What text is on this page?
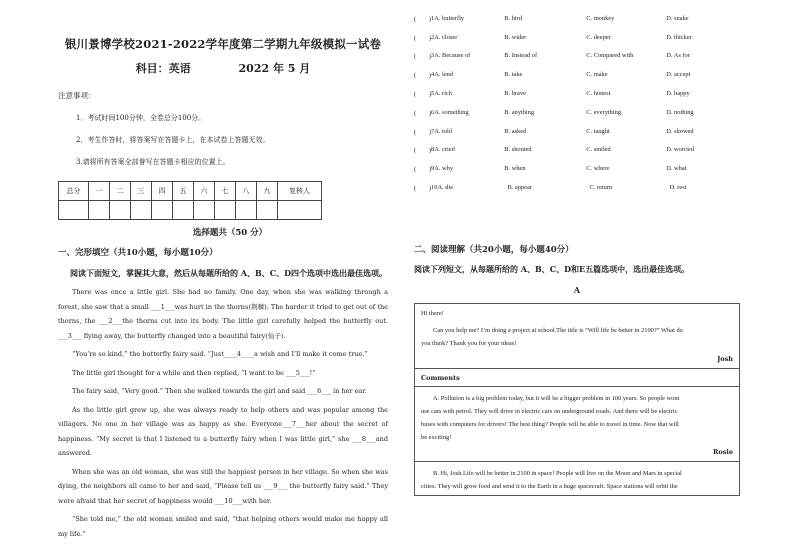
银川景博学校2021-2022学年度第二学期九年级模拟一试卷
科目：英语	2022 年 5 月
注意事项：
1．考试时间100分钟，全卷总分100分。
2．考生作答时，将答案写在答题卡上，在本试卷上答题无效。
3.请将所有答案全部誊写在答题卡相应的位置上。
总分	一	二	三	四	五	六	七	八	九	复核人

选择题共（50 分）
一、完形填空（共10小题，每小题10分）
阅读下面短文，掌握其大意，然后从每题所给的 A、B、C、D四个选项中选出最佳选项。
There was once a little girl. She had no family. One day, when she was walking through a forest, she saw that a small ___1___was hurt in the thorns(荆棘). The harder it tried to get out of the thorns, the ___2___the thorns cut into its body. The little girl carefully helped the butterfly out. ___3___ flying away, the butterfly changed into a beautiful fairy(仙子).
“You’re so kind,” the butterfly fairy said. “Just____4____a wish and I’ll make it come true.”
The little girl thought for a while and then replied, “I want to be ___5___!”
The fairy said, “Very good.” Then she walked towards the girl and said ___6___ in her ear.
As the little girl grew up, she was always ready to help others and was popular among the villagers. No one in her village was as happy as she. Everyone___7___her about the secret of happiness. “My secret is that I listened to a butterfly fairy when I was little girl,” she ___8___and answered.
When she was an old woman, she was still the happiest person in her village. So when she was dying, the neighbors all came to her and said, “Please tell us ___9___ the butterfly fairy said.” They were afraid that her secret of happiness would ___10___with her.
“She told me,” the old woman smiled and said, “that helping others would make me happy all my life.”
(　　) 1 A. butterfly	B. bird	C. monkey	D. snake
(　　) 2 A. closer	B. wider	C. deeper	D. thicker
(　　) 3 A. Because of	B. Instead of	C. Compared with	D. As for
(　　) 4 A. lend	B. take	C. make	D. accept
(　　) 5 A. rich	B. brave	C. honest	D. happy
(　　) 6 A. something	B. anything	C. everything	D. nothing
(　　) 7 A. told	B. asked	C. taught	D. showed
(　　) 8 A. cried	B. shouted	C. smiled	D. worried
(　　) 9 A. why	B. when	C. where	D. what
(　　) 10 A. die	B. appear	C. return	D. rest
二、阅读理解（共20小题，每小题40分）
阅读下列短文，从每题所给的 A、B、C、D和E五篇选项中，选出最佳选项。
A
Hi there!
Can you help me? I’m doing a project at school.The title is “Will life be better in 2100?” What do
you think? Thank you for your ideas!
Josh
Comments
A. Pollution is a big problem today, but it will be a bigger problem in 100 years. So people wont
use cars with petrol. They will drive in electric cars on underground roads. And there will be electric
buses with computers for drivers! The best thing? People will be able to travel in time. Now that will
be exciting!
Rosie
B. Hi, Josh.Life will be better in 2100 in space! People will live on the Moon and Mars in special
cities. They will grow food and send it to the Earth in a huge spacecraft. Space stations will orbit the
